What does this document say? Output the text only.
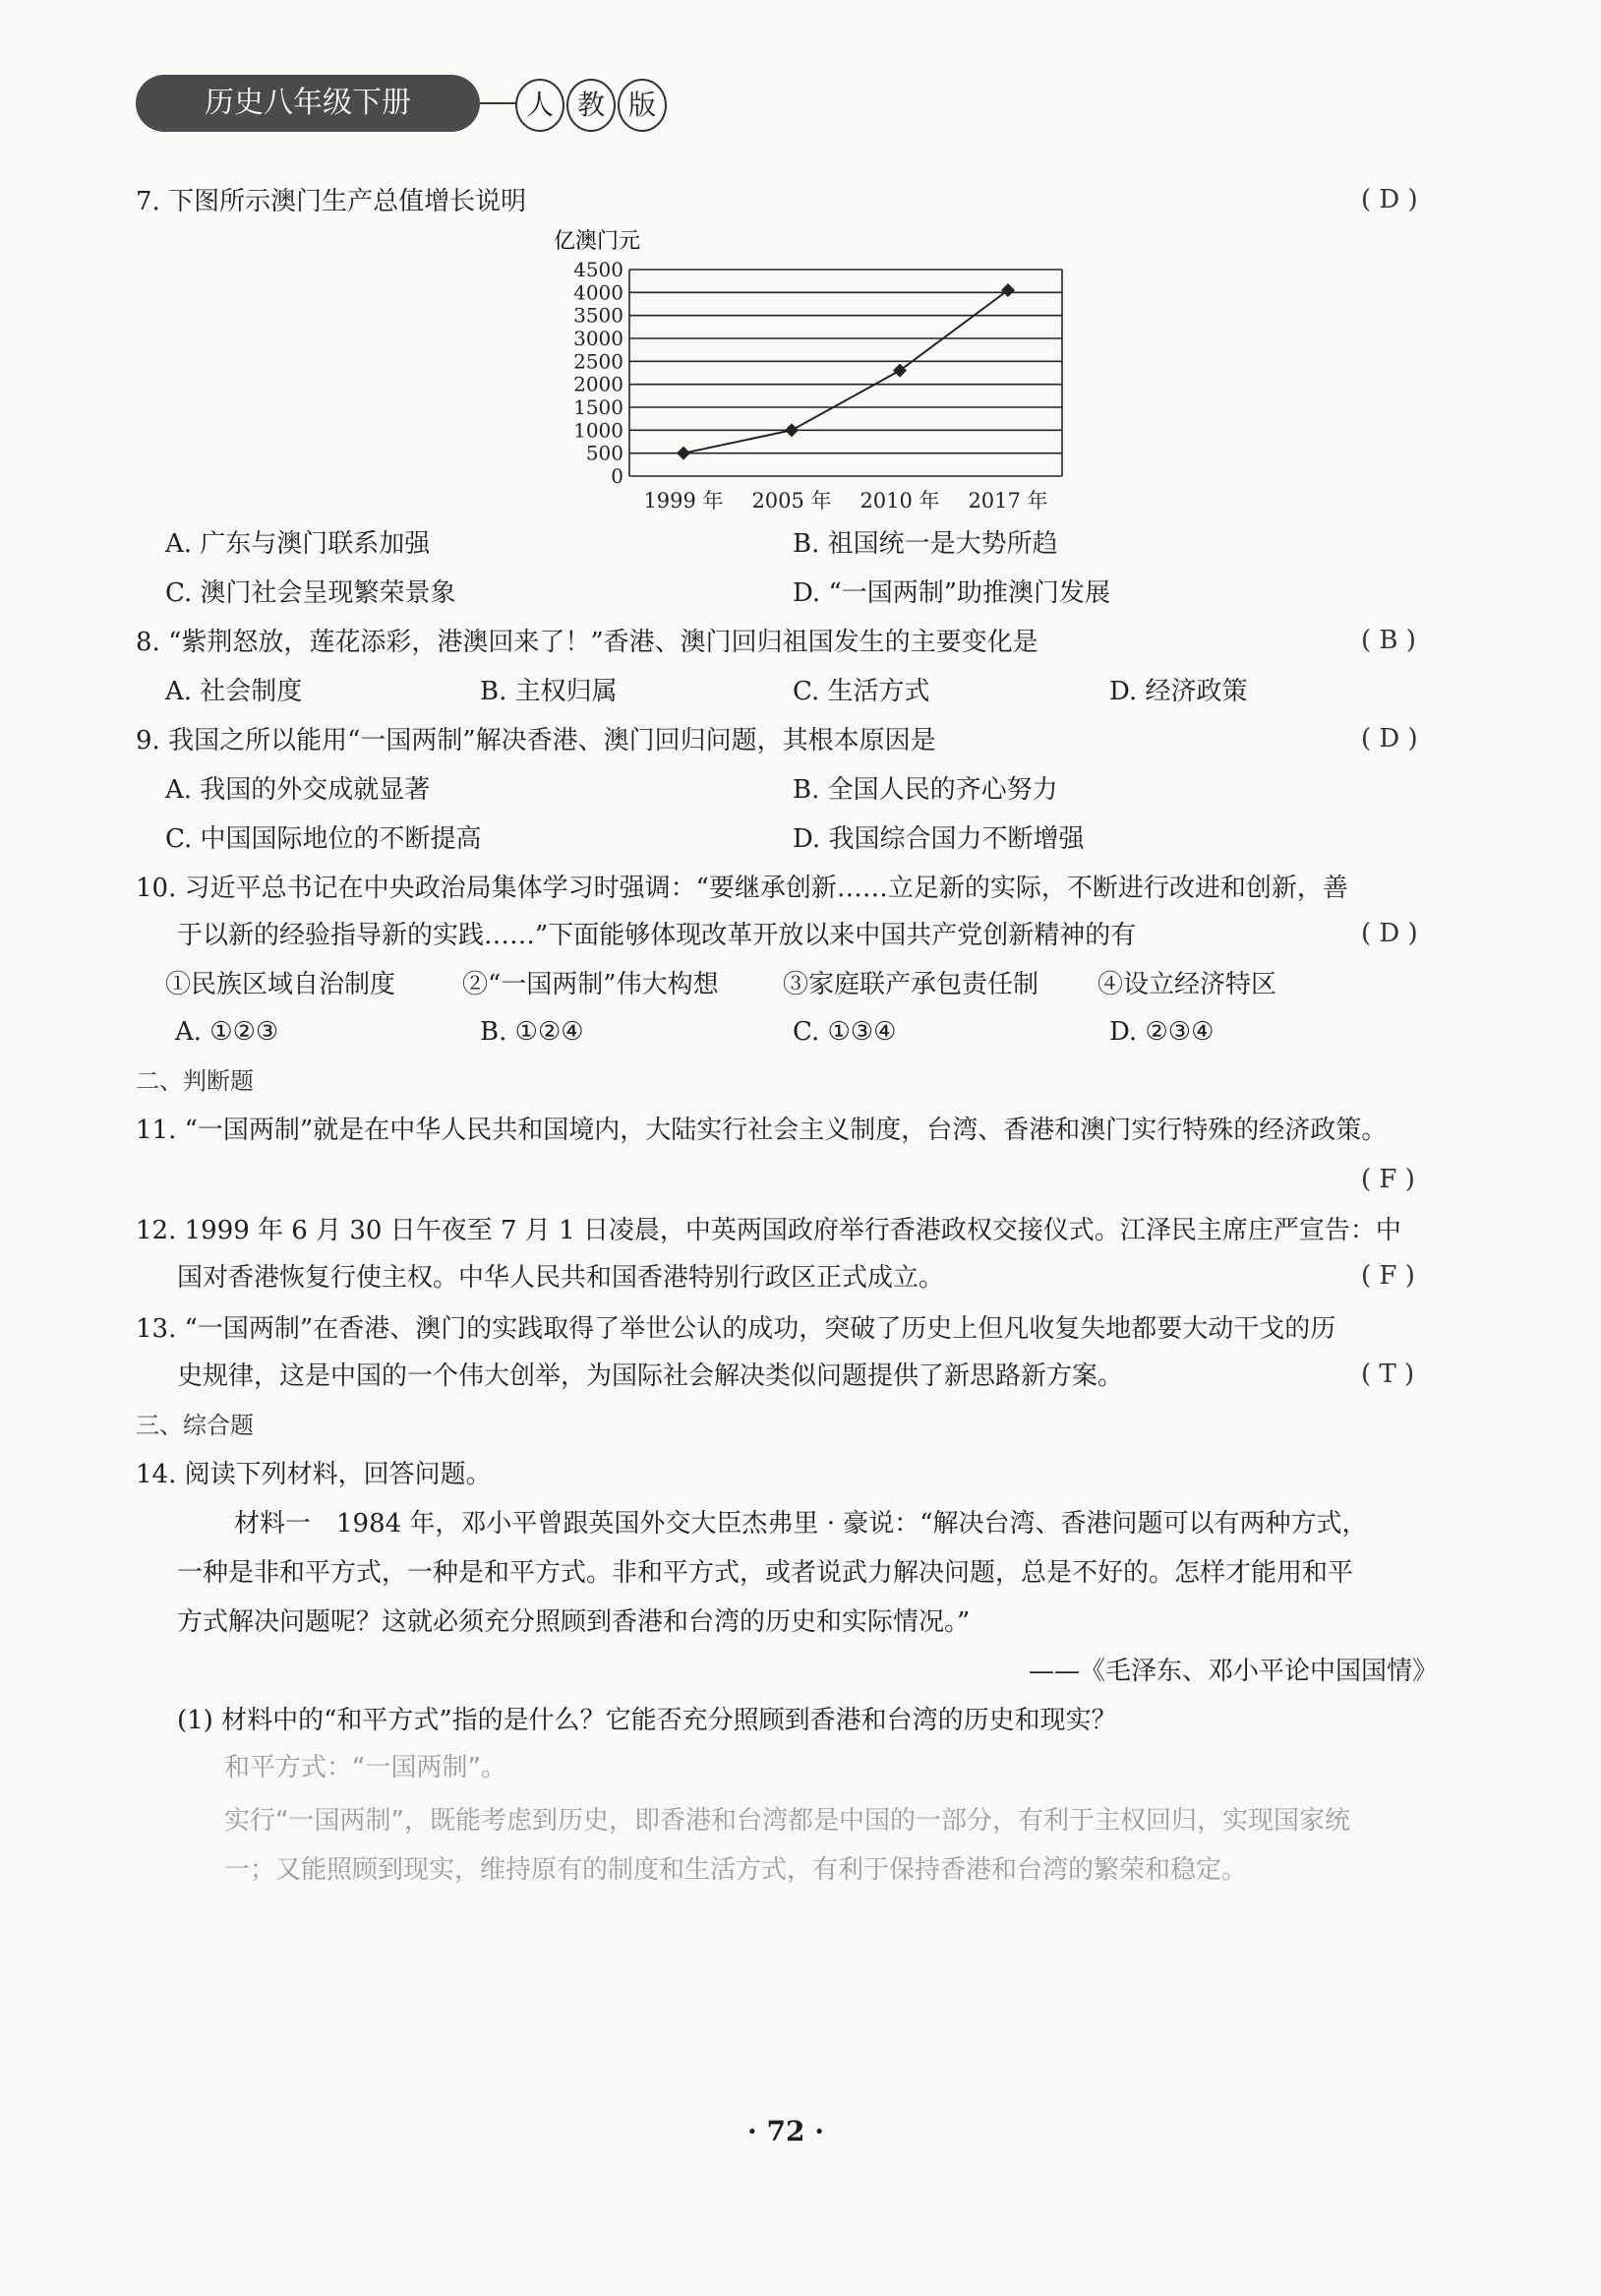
历史八年级下册	人 教 版
7. 下图所示澳门生产总值增长说明	( D )
亿澳门元
0
500
1000
1500
2000
2500
3000
3500
4000
4500
1999 年 2005 年 2010 年 2017 年
A. 广东与澳门联系加强	B. 祖国统一是大势所趋
C. 澳门社会呈现繁荣景象	D. “一国两制”助推澳门发展
8. “紫荆怒放，莲花添彩，港澳回来了！”香港、澳门回归祖国发生的主要变化是	( B )
A. 社会制度	B. 主权归属	C. 生活方式	D. 经济政策
9. 我国之所以能用“一国两制”解决香港、澳门回归问题，其根本原因是	( D )
A. 我国的外交成就显著	B. 全国人民的齐心努力
C. 中国国际地位的不断提高	D. 我国综合国力不断增强
10. 习近平总书记在中央政治局集体学习时强调：“要继承创新……立足新的实际，不断进行改进和创新，善
于以新的经验指导新的实践……”下面能够体现改革开放以来中国共产党创新精神的有	( D )
①民族区域自治制度	②“一国两制”伟大构想	③家庭联产承包责任制 ④设立经济特区
A. ①②③	B. ①②④	C. ①③④	D. ②③④
二、判断题
11. “一国两制”就是在中华人民共和国境内，大陆实行社会主义制度，台湾、香港和澳门实行特殊的经济政策。
( F )
12. 1999 年 6 月 30 日午夜至 7 月 1 日凌晨，中英两国政府举行香港政权交接仪式。江泽民主席庄严宣告：中
国对香港恢复行使主权。中华人民共和国香港特别行政区正式成立。	( F )
13. “一国两制”在香港、澳门的实践取得了举世公认的成功，突破了历史上但凡收复失地都要大动干戈的历
史规律，这是中国的一个伟大创举，为国际社会解决类似问题提供了新思路新方案。	( T )
三、综合题
14. 阅读下列材料，回答问题。
材料一　1984 年，邓小平曾跟英国外交大臣杰弗里 · 豪说：“解决台湾、香港问题可以有两种方式，
一种是非和平方式，一种是和平方式。非和平方式，或者说武力解决问题，总是不好的。怎样才能用和平
方式解决问题呢？这就必须充分照顾到香港和台湾的历史和实际情况。”
——《毛泽东、邓小平论中国国情》
(1) 材料中的“和平方式”指的是什么？它能否充分照顾到香港和台湾的历史和现实？
和平方式：“一国两制”。
实行“一国两制”，既能考虑到历史，即香港和台湾都是中国的一部分，有利于主权回归，实现国家统
一；又能照顾到现实，维持原有的制度和生活方式，有利于保持香港和台湾的繁荣和稳定。
· 72 ·
